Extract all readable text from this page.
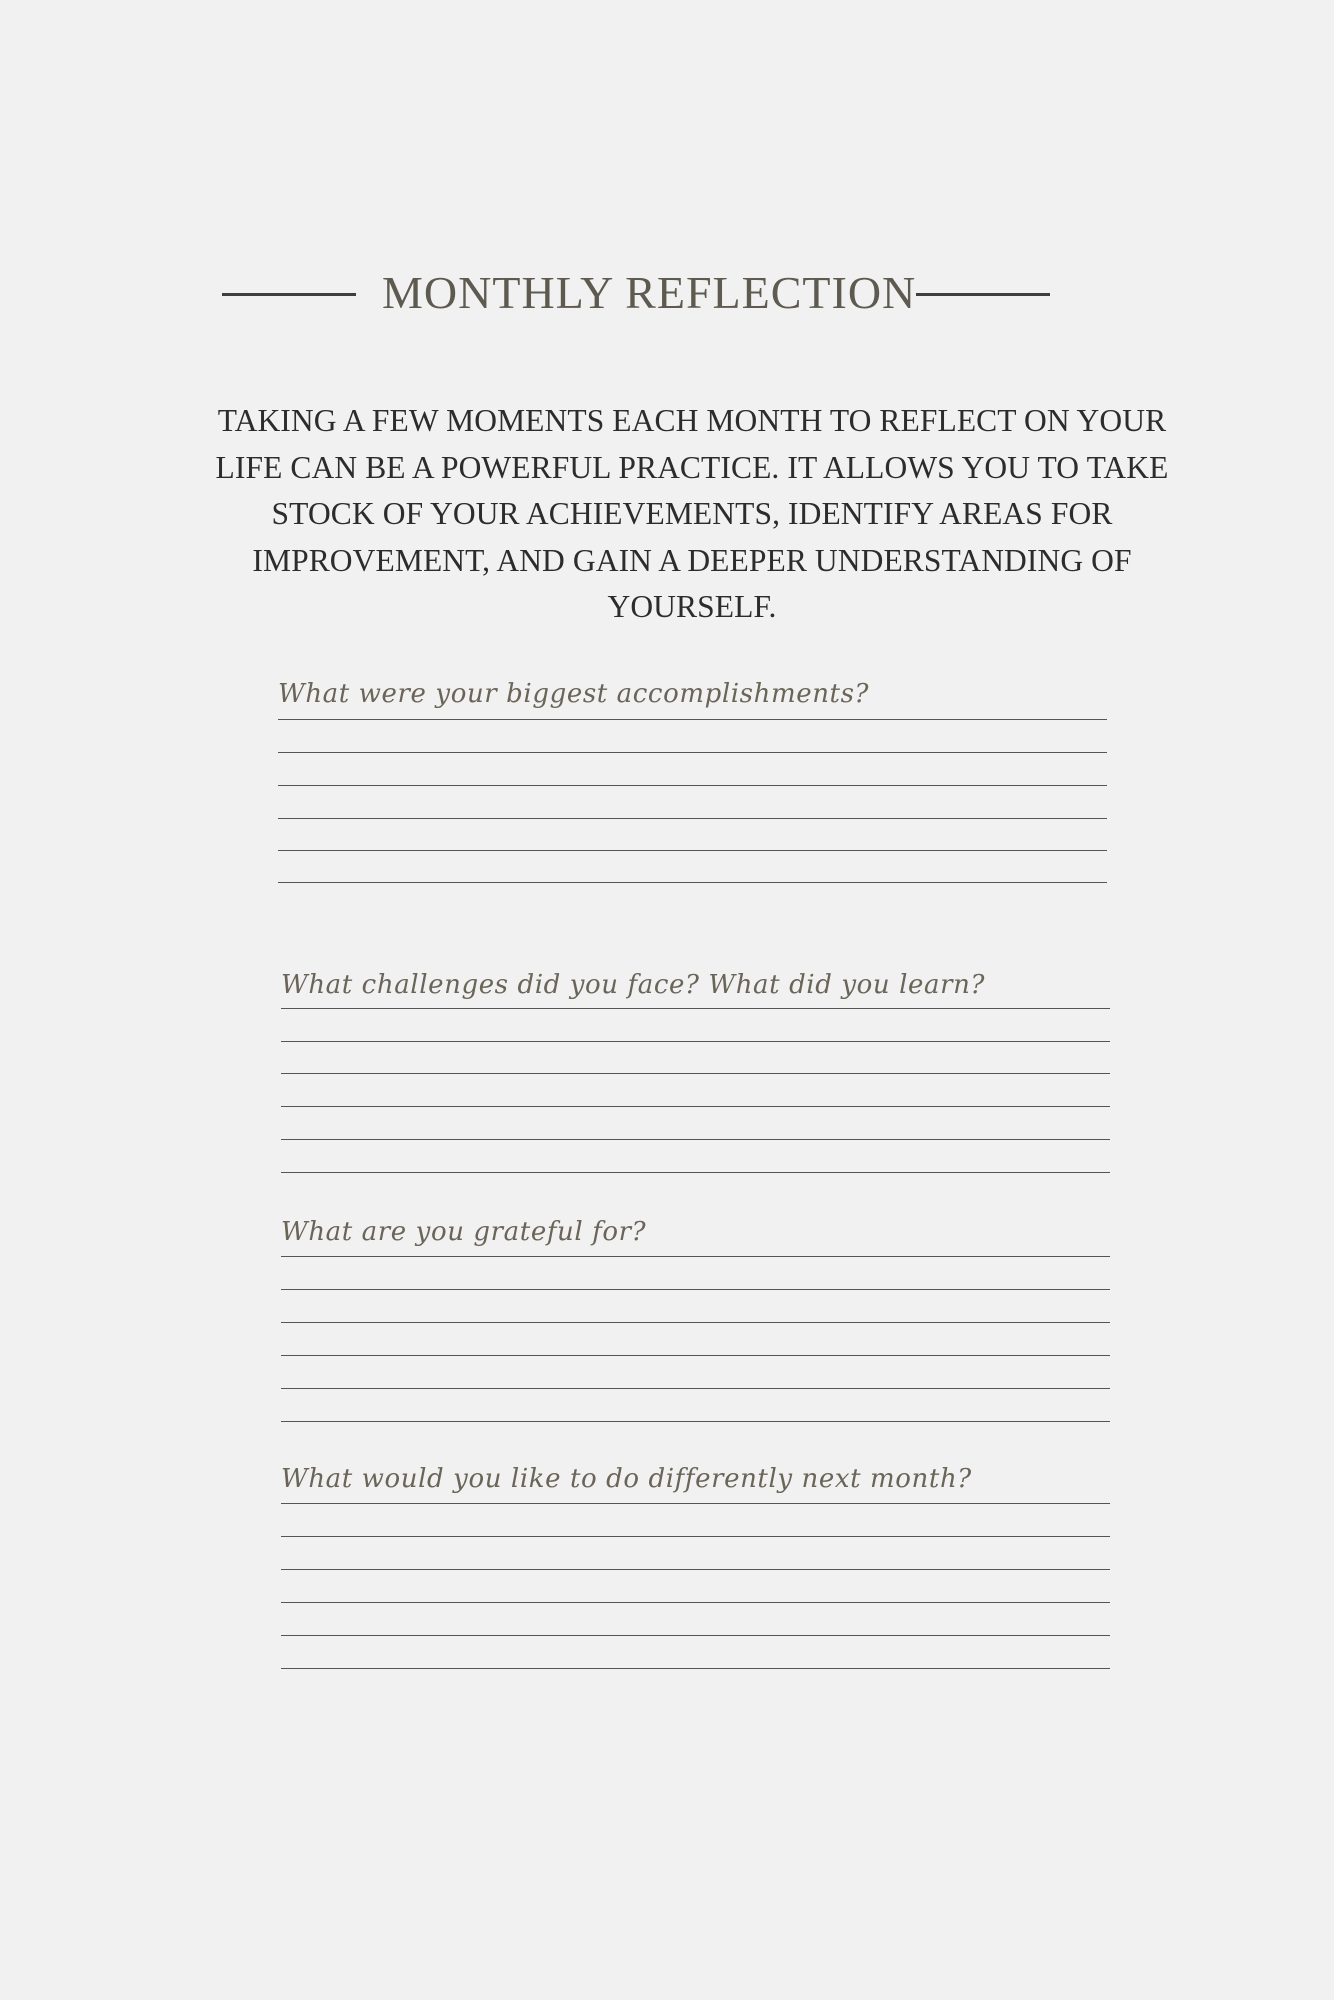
MONTHLY REFLECTION

TAKING A FEW MOMENTS EACH MONTH TO REFLECT ON YOUR LIFE CAN BE A POWERFUL PRACTICE. IT ALLOWS YOU TO TAKE STOCK OF YOUR ACHIEVEMENTS, IDENTIFY AREAS FOR IMPROVEMENT, AND GAIN A DEEPER UNDERSTANDING OF YOURSELF.

What were your biggest accomplishments?

What challenges did you face? What did you learn?

What are you grateful for?

What would you like to do differently next month?
